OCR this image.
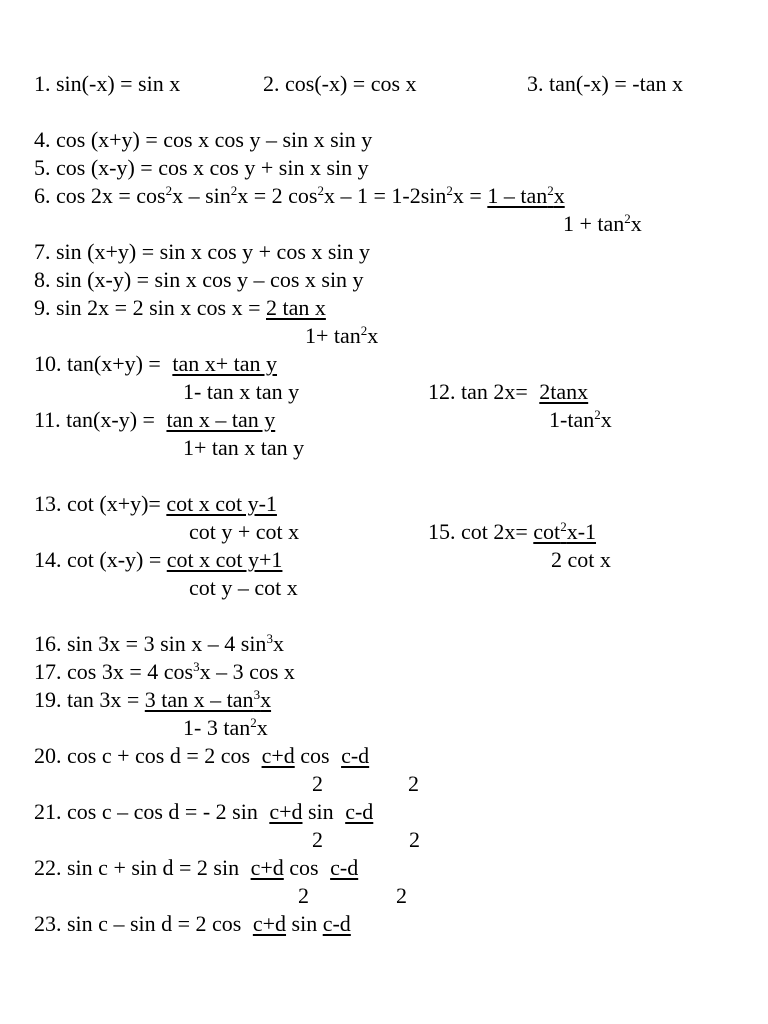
1. sin(-x) = sin x	2. cos(-x) = cos x	3. tan(-x) = -tan x
4. cos (x+y) = cos x cos y – sin x sin y
5. cos (x-y) = cos x cos y + sin x sin y
6. $\cos 2x = \cos^2x - \sin^2x = 2$ $\cos^2x - 1 = 1-2\sin^2x = 1 - \tan^2x$
$1 + \tan^2x$
7. sin (x+y) = sin x cos y + cos x sin y
8. sin (x-y) = sin x cos y – cos x sin y
9. sin 2x = 2 sin x cos x = 2 tan x
$1+ \tan^2x$
10. tan(x+y) = tan x+ tan y
1- tan x tan y	12. tan 2x= 2tanx
$1-\tan^2x$
11. tan(x-y) = tan x – tan y
1+ tan x tan y
13. cot (x+y)= cot x cot y-1
cot y + cot x	15. $\cot 2x= \cot^2x-1$
2 cot x
14. cot (x-y) = cot x cot y+1
cot y – cot x
16. sin 3x = 3 sin x – 4 $\sin^3x$
17. cos 3x = 4 $\cos^3x - 3$ cos x
19. tan 3x = 3 tan x – $\tan^3x$
1- 3 $\tan^2x$
20. cos c + cos d = 2 cos c+d cos c-d
2	2
21. cos c – cos d = - 2 sin c+d sin c-d
2	2
22. sin c + sin d = 2 sin c+d cos c-d
2	2
23. sin c – sin d = 2 cos c+d sin c-d
